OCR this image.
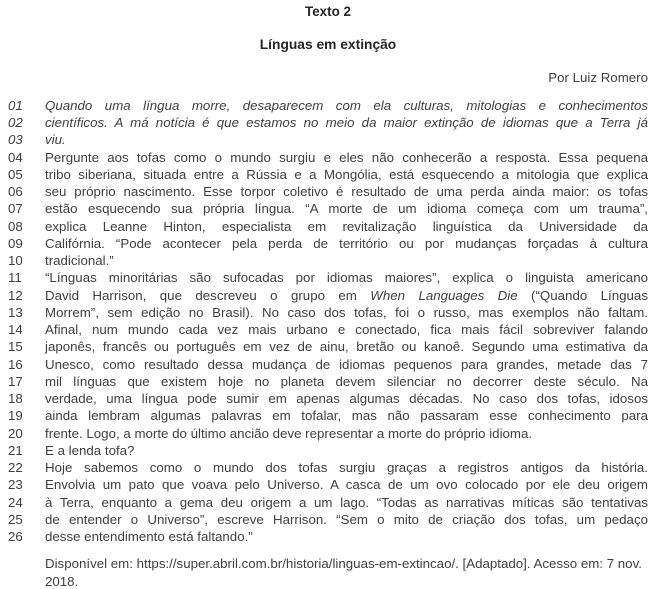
Texto 2
Línguas em extinção
Por Luiz Romero
01	Quando uma língua morre, desaparecem com ela culturas, mitologias e conhecimentos
02	científicos. A má notícia é que estamos no meio da maior extinção de idiomas que a Terra já
03	viu.
04	Pergunte aos tofas como o mundo surgiu e eles não conhecerão a resposta. Essa pequena
05	tribo siberiana, situada entre a Rússia e a Mongólia, está esquecendo a mitologia que explica
06	seu próprio nascimento. Esse torpor coletivo é resultado de uma perda ainda maior: os tofas
07	estão esquecendo sua própria língua. “A morte de um idioma começa com um trauma”,
08	explica Leanne Hinton, especialista em revitalização linguística da Universidade da
09	Califórnia. “Pode acontecer pela perda de território ou por mudanças forçadas à cultura
10	tradicional.”
11	“Línguas minoritárias são sufocadas por idiomas maiores”, explica o linguista americano
12	David Harrison, que descreveu o grupo em When Languages Die (“Quando Línguas
13	Morrem”, sem edição no Brasil). No caso dos tofas, foi o russo, mas exemplos não faltam.
14	Afinal, num mundo cada vez mais urbano e conectado, fica mais fácil sobreviver falando
15	japonês, francês ou português em vez de ainu, bretão ou kanoê. Segundo uma estimativa da
16	Unesco, como resultado dessa mudança de idiomas pequenos para grandes, metade das 7
17	mil línguas que existem hoje no planeta devem silenciar no decorrer deste século. Na
18	verdade, uma língua pode sumir em apenas algumas décadas. No caso dos tofas, idosos
19	ainda lembram algumas palavras em tofalar, mas não passaram esse conhecimento para
20	frente. Logo, a morte do último ancião deve representar a morte do próprio idioma.
21	E a lenda tofa?
22	Hoje sabemos como o mundo dos tofas surgiu graças a registros antigos da história.
23	Envolvia um pato que voava pelo Universo. A casca de um ovo colocado por ele deu origem
24	à Terra, enquanto a gema deu origem a um lago. “Todas as narrativas míticas são tentativas
25	de entender o Universo”, escreve Harrison. “Sem o mito de criação dos tofas, um pedaço
26	desse entendimento está faltando.”
Disponível em: https://super.abril.com.br/historia/linguas-em-extincao/. [Adaptado]. Acesso em: 7 nov.
2018.
